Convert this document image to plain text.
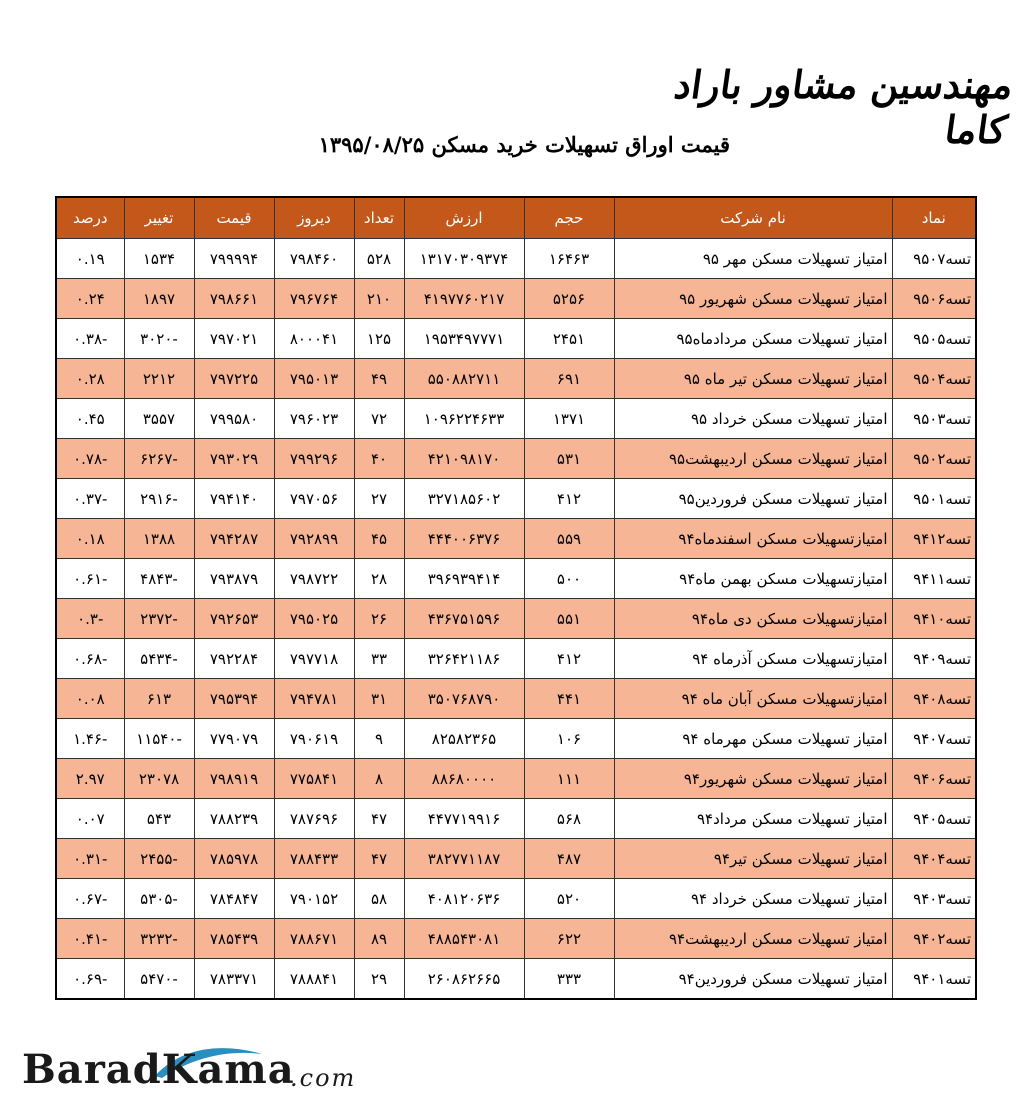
مهندسین مشاور باراد کاما
قیمت اوراق تسهیلات خرید مسکن ۱۳۹۵/۰۸/۲۵
نماد	نام شرکت	حجم	ارزش	تعداد	دیروز	قیمت	تغییر	درصد
تسه۹۵۰۷	امتیاز تسهیلات مسکن مهر ۹۵	۱۶۴۶۳	۱۳۱۷۰۳۰۹۳۷۴	۵۲۸	۷۹۸۴۶۰	۷۹۹۹۹۴	۱۵۳۴	۰.۱۹
تسه۹۵۰۶	امتیاز تسهیلات مسکن شهریور ۹۵	۵۲۵۶	۴۱۹۷۷۶۰۲۱۷	۲۱۰	۷۹۶۷۶۴	۷۹۸۶۶۱	۱۸۹۷	۰.۲۴
تسه۹۵۰۵	امتیاز تسهیلات مسکن مردادماه۹۵	۲۴۵۱	۱۹۵۳۴۹۷۷۷۱	۱۲۵	۸۰۰۰۴۱	۷۹۷۰۲۱	-۳۰۲۰	-۰.۳۸
تسه۹۵۰۴	امتیاز تسهیلات مسکن تیر ماه ۹۵	۶۹۱	۵۵۰۸۸۲۷۱۱	۴۹	۷۹۵۰۱۳	۷۹۷۲۲۵	۲۲۱۲	۰.۲۸
تسه۹۵۰۳	امتیاز تسهیلات مسکن خرداد ۹۵	۱۳۷۱	۱۰۹۶۲۲۴۶۳۳	۷۲	۷۹۶۰۲۳	۷۹۹۵۸۰	۳۵۵۷	۰.۴۵
تسه۹۵۰۲	امتیاز تسهیلات مسکن اردیبهشت۹۵	۵۳۱	۴۲۱۰۹۸۱۷۰	۴۰	۷۹۹۲۹۶	۷۹۳۰۲۹	-۶۲۶۷	-۰.۷۸
تسه۹۵۰۱	امتیاز تسهیلات مسکن فروردین۹۵	۴۱۲	۳۲۷۱۸۵۶۰۲	۲۷	۷۹۷۰۵۶	۷۹۴۱۴۰	-۲۹۱۶	-۰.۳۷
تسه۹۴۱۲	امتیازتسهیلات مسکن اسفندماه۹۴	۵۵۹	۴۴۴۰۰۶۳۷۶	۴۵	۷۹۲۸۹۹	۷۹۴۲۸۷	۱۳۸۸	۰.۱۸
تسه۹۴۱۱	امتیازتسهیلات مسکن بهمن ماه۹۴	۵۰۰	۳۹۶۹۳۹۴۱۴	۲۸	۷۹۸۷۲۲	۷۹۳۸۷۹	-۴۸۴۳	-۰.۶۱
تسه۹۴۱۰	امتیازتسهیلات مسکن دی ماه۹۴	۵۵۱	۴۳۶۷۵۱۵۹۶	۲۶	۷۹۵۰۲۵	۷۹۲۶۵۳	-۲۳۷۲	-۰.۳
تسه۹۴۰۹	امتیازتسهیلات مسکن آذرماه ۹۴	۴۱۲	۳۲۶۴۲۱۱۸۶	۳۳	۷۹۷۷۱۸	۷۹۲۲۸۴	-۵۴۳۴	-۰.۶۸
تسه۹۴۰۸	امتیازتسهیلات مسکن آبان ماه ۹۴	۴۴۱	۳۵۰۷۶۸۷۹۰	۳۱	۷۹۴۷۸۱	۷۹۵۳۹۴	۶۱۳	۰.۰۸
تسه۹۴۰۷	امتیاز تسهیلات مسکن مهرماه ۹۴	۱۰۶	۸۲۵۸۲۳۶۵	۹	۷۹۰۶۱۹	۷۷۹۰۷۹	-۱۱۵۴۰	-۱.۴۶
تسه۹۴۰۶	امتیاز تسهیلات مسکن شهریور۹۴	۱۱۱	۸۸۶۸۰۰۰۰	۸	۷۷۵۸۴۱	۷۹۸۹۱۹	۲۳۰۷۸	۲.۹۷
تسه۹۴۰۵	امتیاز تسهیلات مسکن مرداد۹۴	۵۶۸	۴۴۷۷۱۹۹۱۶	۴۷	۷۸۷۶۹۶	۷۸۸۲۳۹	۵۴۳	۰.۰۷
تسه۹۴۰۴	امتیاز تسهیلات مسکن تیر۹۴	۴۸۷	۳۸۲۷۷۱۱۸۷	۴۷	۷۸۸۴۳۳	۷۸۵۹۷۸	-۲۴۵۵	-۰.۳۱
تسه۹۴۰۳	امتیاز تسهیلات مسکن خرداد ۹۴	۵۲۰	۴۰۸۱۲۰۶۳۶	۵۸	۷۹۰۱۵۲	۷۸۴۸۴۷	-۵۳۰۵	-۰.۶۷
تسه۹۴۰۲	امتیاز تسهیلات مسکن اردیبهشت۹۴	۶۲۲	۴۸۸۵۴۳۰۸۱	۸۹	۷۸۸۶۷۱	۷۸۵۴۳۹	-۳۲۳۲	-۰.۴۱
تسه۹۴۰۱	امتیاز تسهیلات مسکن فروردین۹۴	۳۳۳	۲۶۰۸۶۲۶۶۵	۲۹	۷۸۸۸۴۱	۷۸۳۳۷۱	-۵۴۷۰	-۰.۶۹
BaradKama
.com
